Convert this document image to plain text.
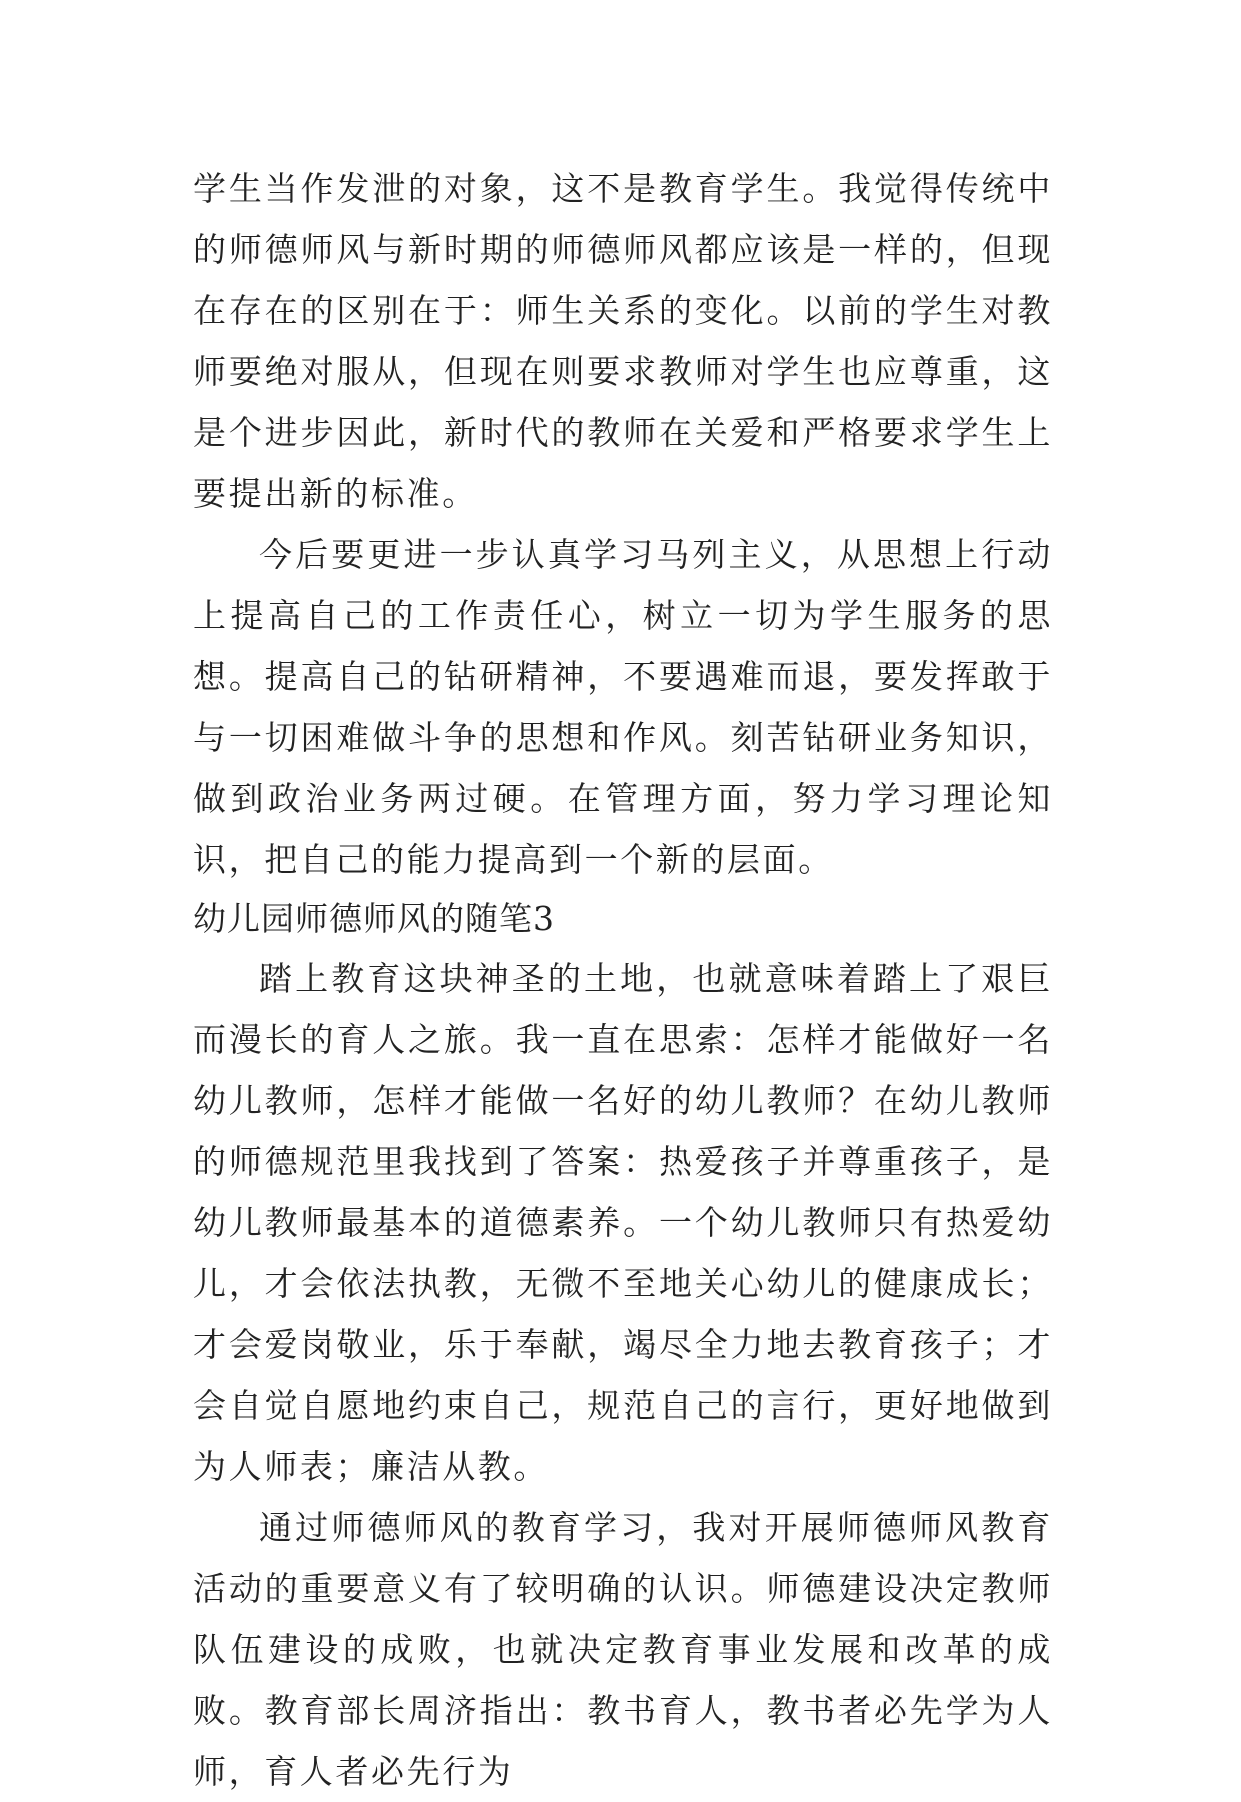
学生当作发泄的对象，这不是教育学生。我觉得传统中的师德师风与新时期的师德师风都应该是一样的，但现在存在的区别在于：师生关系的变化。以前的学生对教师要绝对服从，但现在则要求教师对学生也应尊重，这是个进步因此，新时代的教师在关爱和严格要求学生上要提出新的标准。

今后要更进一步认真学习马列主义，从思想上行动上提高自己的工作责任心，树立一切为学生服务的思想。提高自己的钻研精神，不要遇难而退，要发挥敢于与一切困难做斗争的思想和作风。刻苦钻研业务知识，做到政治业务两过硬。在管理方面，努力学习理论知识，把自己的能力提高到一个新的层面。

幼儿园师德师风的随笔3

踏上教育这块神圣的土地，也就意味着踏上了艰巨而漫长的育人之旅。我一直在思索：怎样才能做好一名幼儿教师，怎样才能做一名好的幼儿教师？在幼儿教师的师德规范里我找到了答案：热爱孩子并尊重孩子，是幼儿教师最基本的道德素养。一个幼儿教师只有热爱幼儿，才会依法执教，无微不至地关心幼儿的健康成长；才会爱岗敬业，乐于奉献，竭尽全力地去教育孩子；才会自觉自愿地约束自己，规范自己的言行，更好地做到为人师表；廉洁从教。

通过师德师风的教育学习，我对开展师德师风教育活动的重要意义有了较明确的认识。师德建设决定教师队伍建设的成败，也就决定教育事业发展和改革的成败。教育部长周济指出：教书育人，教书者必先学为人师，育人者必先行为
